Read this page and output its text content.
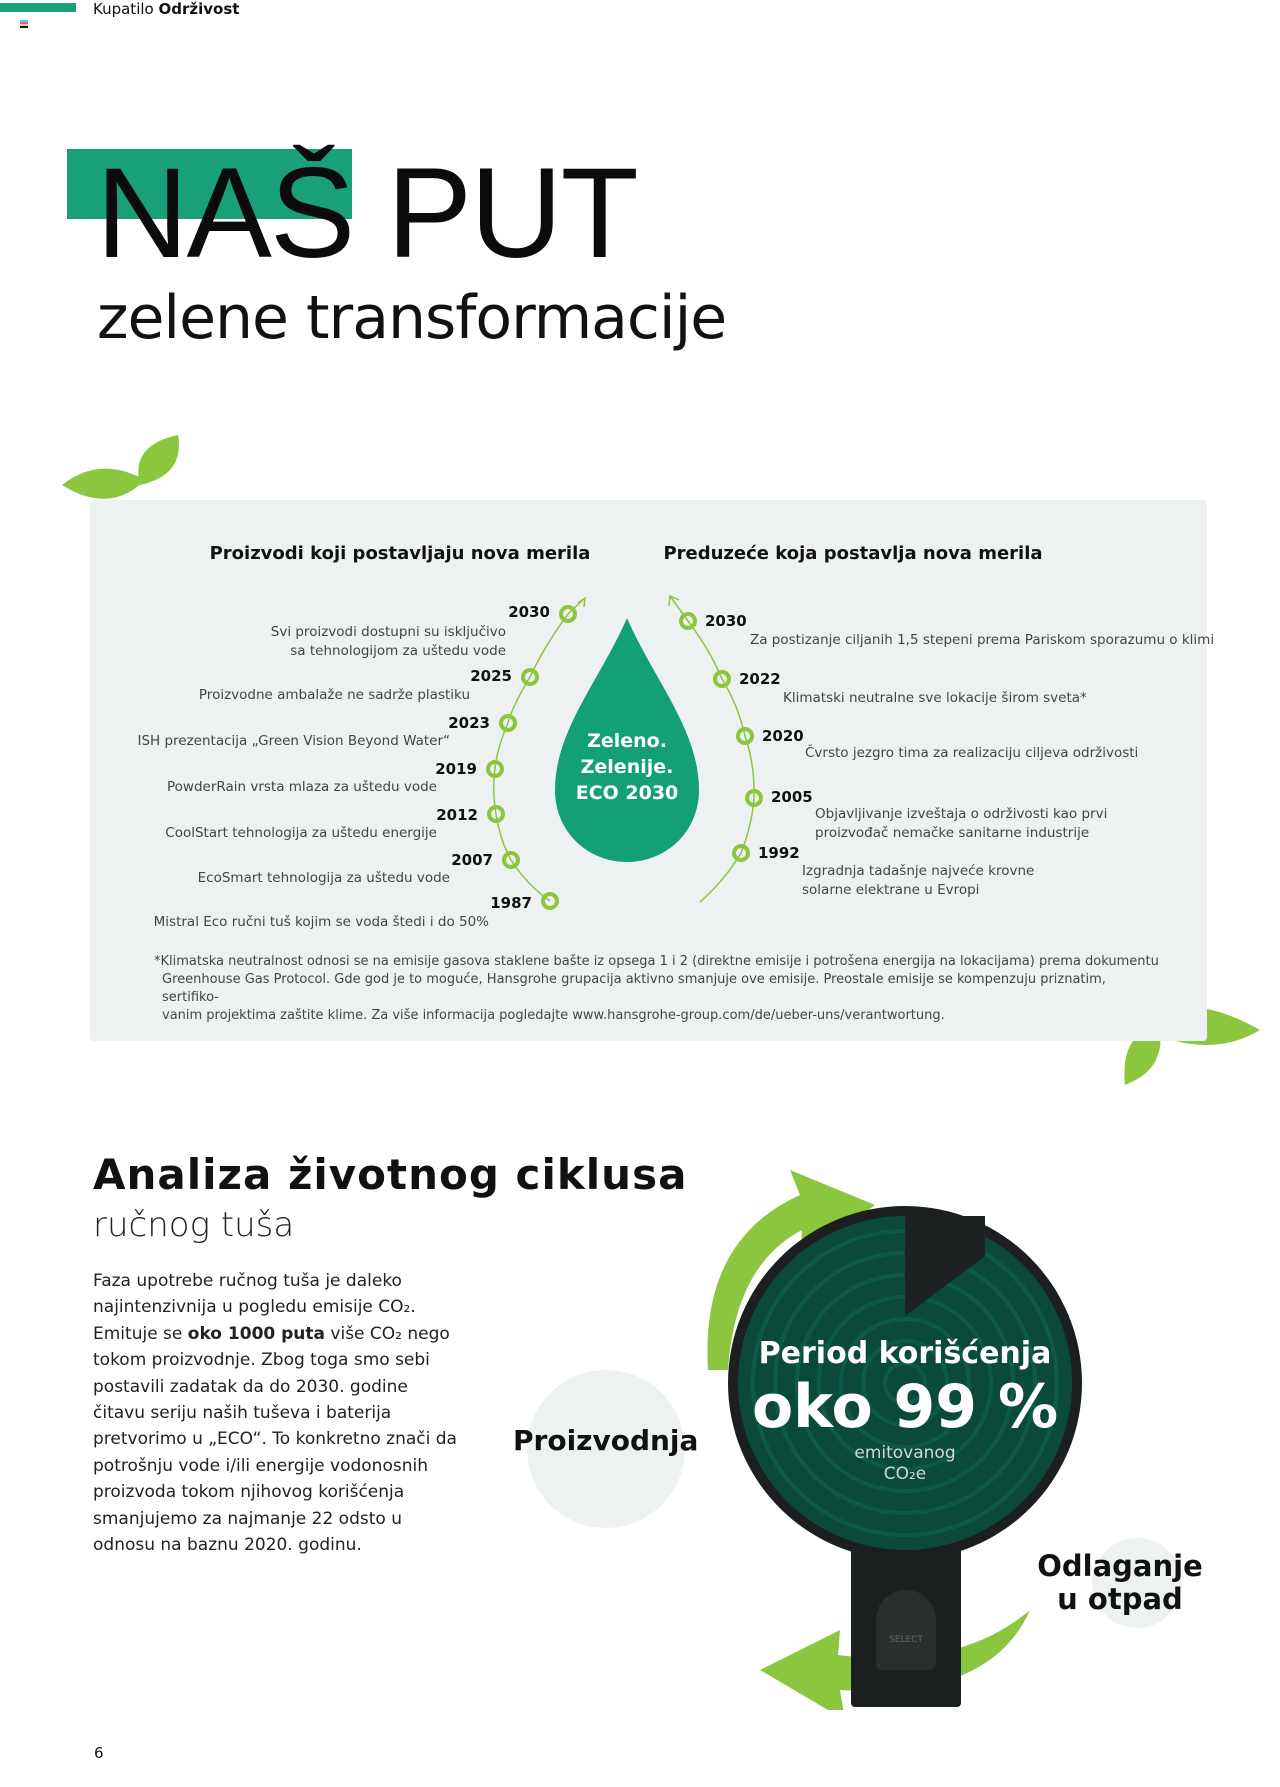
Kupatilo Održivost
NAŠ PUT
zelene transformacije
Proizvodi koji postavljaju nova merila	Preduzeće koja postavlja nova merila
Zeleno.
Zelenije.
ECO 2030
2030
Svi proizvodi dostupni su isključivo
sa tehnologijom za uštedu vode
2025
Proizvodne ambalaže ne sadrže plastiku
2023
ISH prezentacija „Green Vision Beyond Water“
2019
PowderRain vrsta mlaza za uštedu vode
2012
CoolStart tehnologija za uštedu energije
2007
EcoSmart tehnologija za uštedu vode
1987
Mistral Eco ručni tuš kojim se voda štedi i do 50%
2030
Za postizanje ciljanih 1,5 stepeni prema Pariskom sporazumu o klimi
2022
Klimatski neutralne sve lokacije širom sveta*
2020
Čvrsto jezgro tima za realizaciju ciljeva održivosti
2005
Objavljivanje izveštaja o održivosti kao prvi
proizvođač nemačke sanitarne industrije
1992
Izgradnja tadašnje najveće krovne
solarne elektrane u Evropi
*Klimatska neutralnost odnosi se na emisije gasova staklene bašte iz opsega 1 i 2 (direktne emisije i potrošena energija na lokacijama) prema dokumentu
Greenhouse Gas Protocol. Gde god je to moguće, Hansgrohe grupacija aktivno smanjuje ove emisije. Preostale emisije se kompenzuju priznatim, sertifiko-
vanim projektima zaštite klime. Za više informacija pogledajte www.hansgrohe-group.com/de/ueber-uns/verantwortung.
Analiza životnog ciklusa
ručnog tuša
Faza upotrebe ručnog tuša je daleko najintenzivnija u pogledu emisije CO₂. Emituje se oko 1000 puta više CO₂ nego tokom proizvodnje. Zbog toga smo sebi postavili zadatak da do 2030. godine čitavu seriju naših tuševa i baterija pretvorimo u „ECO“. To konkretno znači da potrošnju vode i/ili energije vodonosnih proizvoda tokom njihovog korišćenja smanjujemo za najmanje 22 odsto u odnosu na baznu 2020. godinu.
Proizvodnja
SELECT
Period korišćenja
oko 99 %
emitovanog
CO₂e
Odlaganje
u otpad
6
